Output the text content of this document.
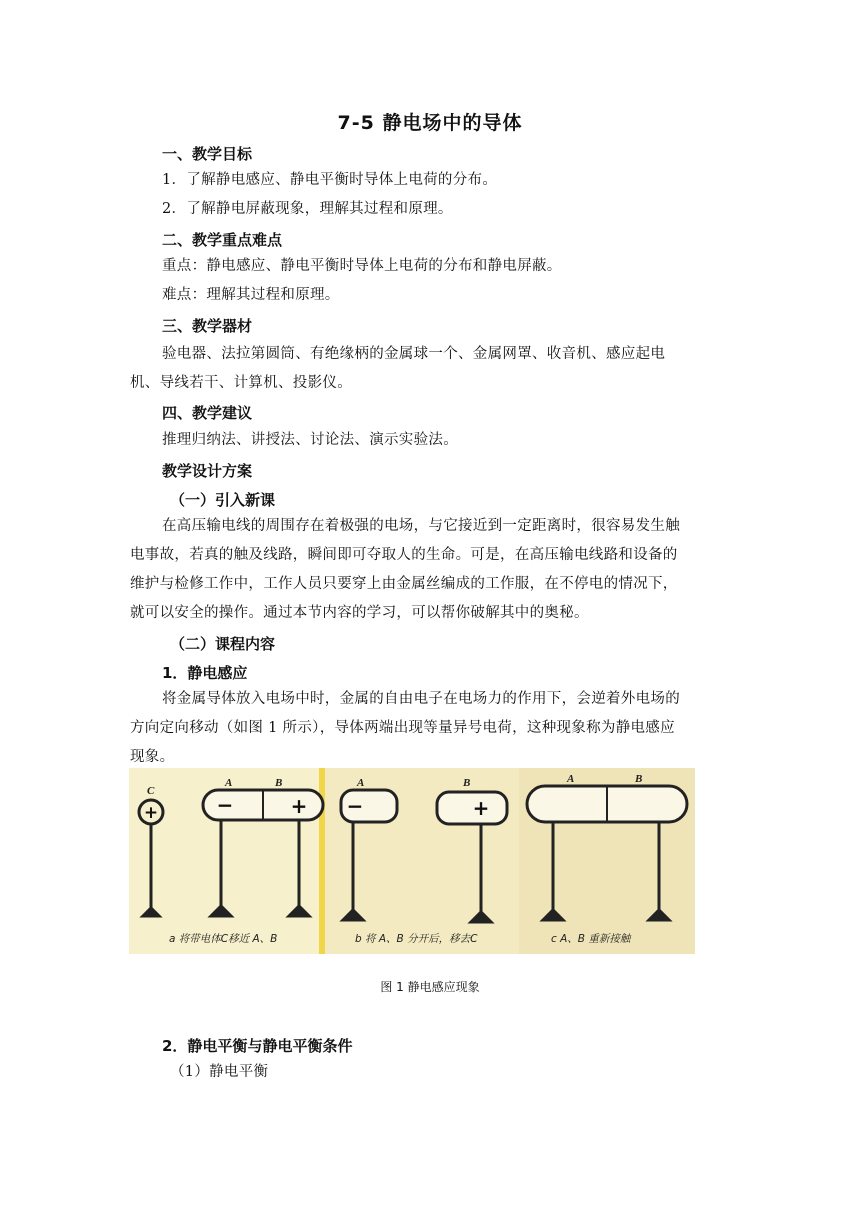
7-5 静电场中的导体
一、教学目标
1．了解静电感应、静电平衡时导体上电荷的分布。
2．了解静电屏蔽现象，理解其过程和原理。
二、教学重点难点
重点：静电感应、静电平衡时导体上电荷的分布和静电屏蔽。
难点：理解其过程和原理。
三、教学器材
验电器、法拉第圆筒、有绝缘柄的金属球一个、金属网罩、收音机、感应起电
机、导线若干、计算机、投影仪。
四、教学建议
推理归纳法、讲授法、讨论法、演示实验法。
教学设计方案
（一）引入新课
在高压输电线的周围存在着极强的电场，与它接近到一定距离时，很容易发生触
电事故，若真的触及线路，瞬间即可夺取人的生命。可是，在高压输电线路和设备的
维护与检修工作中，工作人员只要穿上由金属丝编成的工作服，在不停电的情况下，
就可以安全的操作。通过本节内容的学习，可以帮你破解其中的奥秘。
（二）课程内容
1．静电感应
将金属导体放入电场中时，金属的自由电子在电场力的作用下，会逆着外电场的
方向定向移动（如图 1 所示），导体两端出现等量异号电荷，这种现象称为静电感应
现象。
C
A	B	A	B	A	B
+	−	+ −	+
a 将带电体C移近 A、B	b 将 A、B 分开后，移去C	c A、B 重新接触
图 1 静电感应现象
2．静电平衡与静电平衡条件
（1）静电平衡
